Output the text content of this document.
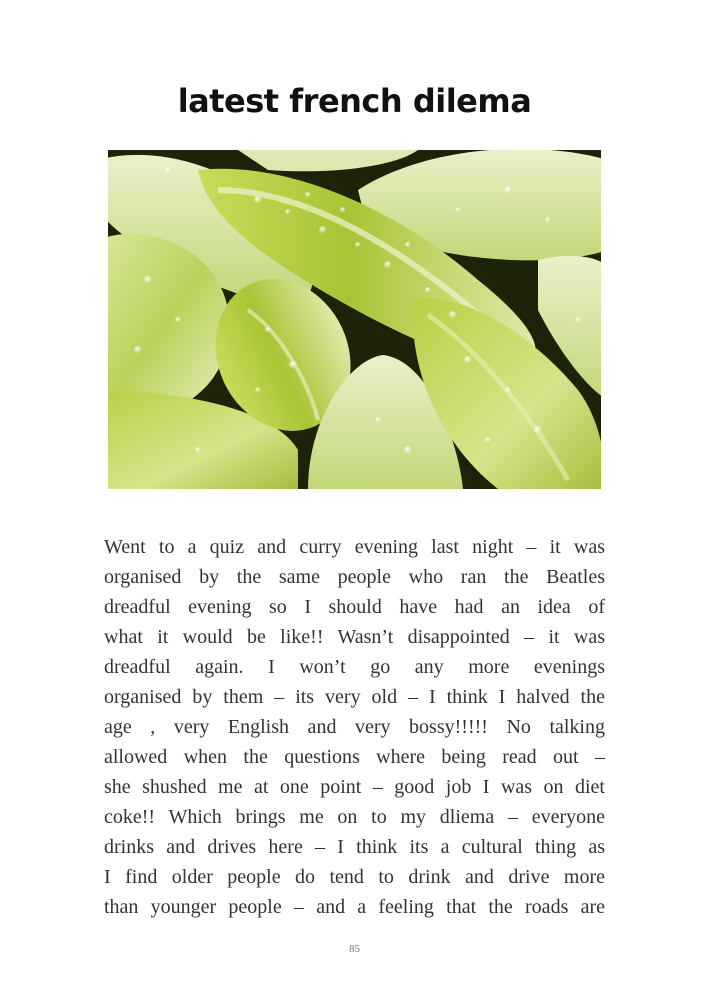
latest french dilema
Went to a quiz and curry evening last night – it was
organised by the same people who ran the Beatles
dreadful evening so I should have had an idea of
what it would be like!! Wasn’t disappointed – it was
dreadful again. I won’t go any more evenings
organised by them – its very old – I think I halved the
age , very English and very bossy!!!!! No talking
allowed when the questions where being read out –
she shushed me at one point – good job I was on diet
coke!! Which brings me on to my dliema – everyone
drinks and drives here – I think its a cultural thing as
I find older people do tend to drink and drive more
than younger people – and a feeling that the roads are
85
